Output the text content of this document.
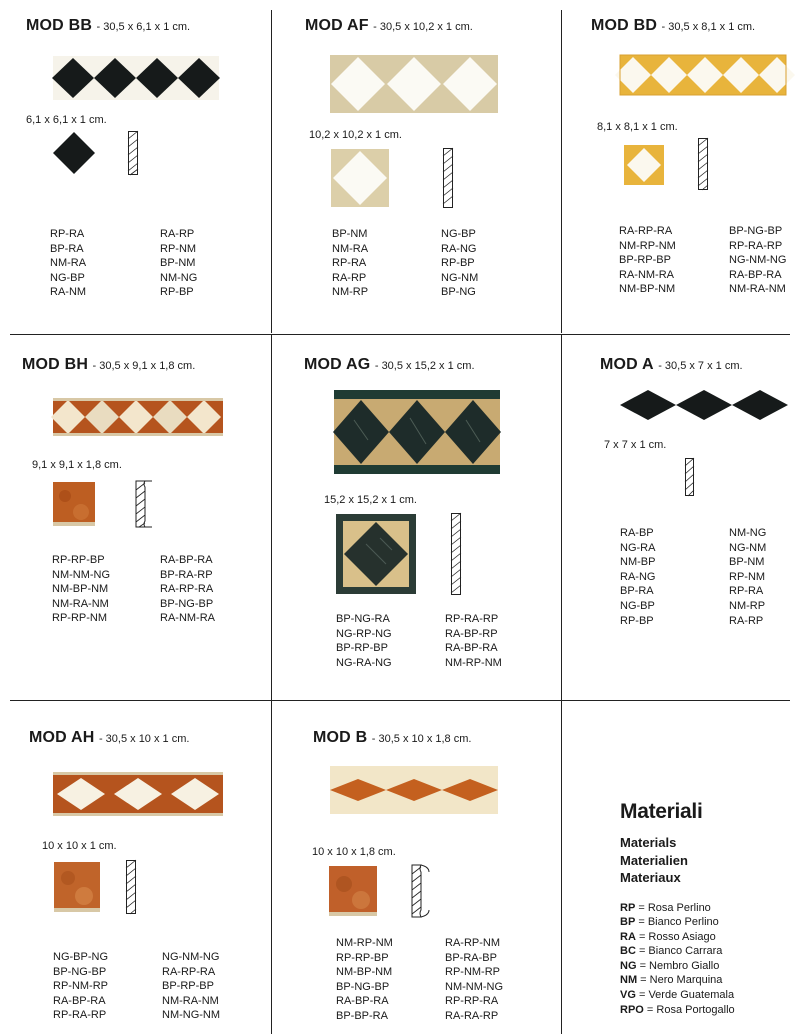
MOD BB - 30,5 x 6,1 x 1 cm.
6,1 x 6,1 x 1 cm.
RP-RA
BP-RA
NM-RA
NG-BP
RA-NM
RA-RP
RP-NM
BP-NM
NM-NG
RP-BP
MOD AF - 30,5 x 10,2 x 1 cm.
10,2 x 10,2 x 1 cm.
BP-NM
NM-RA
RP-RA
RA-RP
NM-RP
NG-BP
RA-NG
RP-BP
NG-NM
BP-NG
MOD BD - 30,5 x 8,1 x 1 cm.
8,1 x 8,1 x 1 cm.
RA-RP-RA
NM-RP-NM
BP-RP-BP
RA-NM-RA
NM-BP-NM
BP-NG-BP
RP-RA-RP
NG-NM-NG
RA-BP-RA
NM-RA-NM
MOD BH - 30,5 x 9,1 x 1,8 cm.
9,1 x 9,1 x 1,8 cm.
RP-RP-BP
NM-NM-NG
NM-BP-NM
NM-RA-NM
RP-RP-NM
RA-BP-RA
BP-RA-RP
RA-RP-RA
BP-NG-BP
RA-NM-RA
MOD AG - 30,5 x 15,2 x 1 cm.
15,2 x 15,2 x 1 cm.
BP-NG-RA
NG-RP-NG
BP-RP-BP
NG-RA-NG
RP-RA-RP
RA-BP-RP
RA-BP-RA
NM-RP-NM
MOD A - 30,5 x 7 x 1 cm.
7 x 7 x 1 cm.
RA-BP
NG-RA
NM-BP
RA-NG
BP-RA
NG-BP
RP-BP
NM-NG
NG-NM
BP-NM
RP-NM
RP-RA
NM-RP
RA-RP
MOD AH - 30,5 x 10 x 1 cm.
10 x 10 x 1 cm.
NG-BP-NG
BP-NG-BP
RP-NM-RP
RA-BP-RA
RP-RA-RP
NG-NM-NG
RA-RP-RA
BP-RP-BP
NM-RA-NM
NM-NG-NM
MOD B - 30,5 x 10 x 1,8 cm.
10 x 10 x 1,8 cm.
NM-RP-NM
RP-RP-BP
NM-BP-NM
BP-NG-BP
RA-BP-RA
BP-BP-RA
RA-RP-NM
BP-RA-BP
RP-NM-RP
NM-NM-NG
RP-RP-RA
RA-RA-RP
Materiali
Materials
Materialien
Materiaux
RP = Rosa Perlino
BP = Bianco Perlino
RA = Rosso Asiago
BC = Bianco Carrara
NG = Nembro Giallo
NM = Nero Marquina
VG = Verde Guatemala
RPO = Rosa Portogallo
